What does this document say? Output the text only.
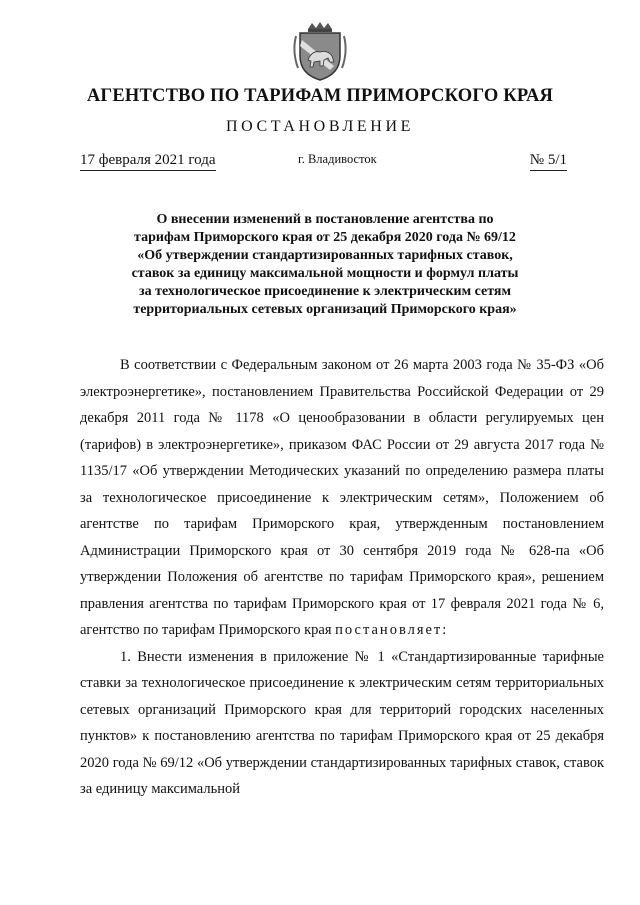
АГЕНТСТВО ПО ТАРИФАМ ПРИМОРСКОГО КРАЯ
ПОСТАНОВЛЕНИЕ
17 февраля 2021 года	г. Владивосток	№ 5/1
О внесении изменений в постановление агентства по
тарифам Приморского края от 25 декабря 2020 года № 69/12
«Об утверждении стандартизированных тарифных ставок,
ставок за единицу максимальной мощности и формул платы
за технологическое присоединение к электрическим сетям
территориальных сетевых организаций Приморского края»

В соответствии с Федеральным законом от 26 марта 2003 года № 35-ФЗ «Об электроэнергетике», постановлением Правительства Российской Федерации от 29 декабря 2011 года № 1178 «О ценообразовании в области регулируемых цен (тарифов) в электроэнергетике», приказом ФАС России от 29 августа 2017 года № 1135/17 «Об утверждении Методических указаний по определению размера платы за технологическое присоединение к электрическим сетям», Положением об агентстве по тарифам Приморского края, утвержденным постановлением Администрации Приморского края от 30 сентября 2019 года № 628-па «Об утверждении Положения об агентстве по тарифам Приморского края», решением правления агентства по тарифам Приморского края от 17 февраля 2021 года № 6, агентство по тарифам Приморского края постановляет:

1. Внести изменения в приложение № 1 «Стандартизированные тарифные ставки за технологическое присоединение к электрическим сетям территориальных сетевых организаций Приморского края для территорий городских населенных пунктов» к постановлению агентства по тарифам Приморского края от 25 декабря 2020 года № 69/12 «Об утверждении стандартизированных тарифных ставок, ставок за единицу максимальной
